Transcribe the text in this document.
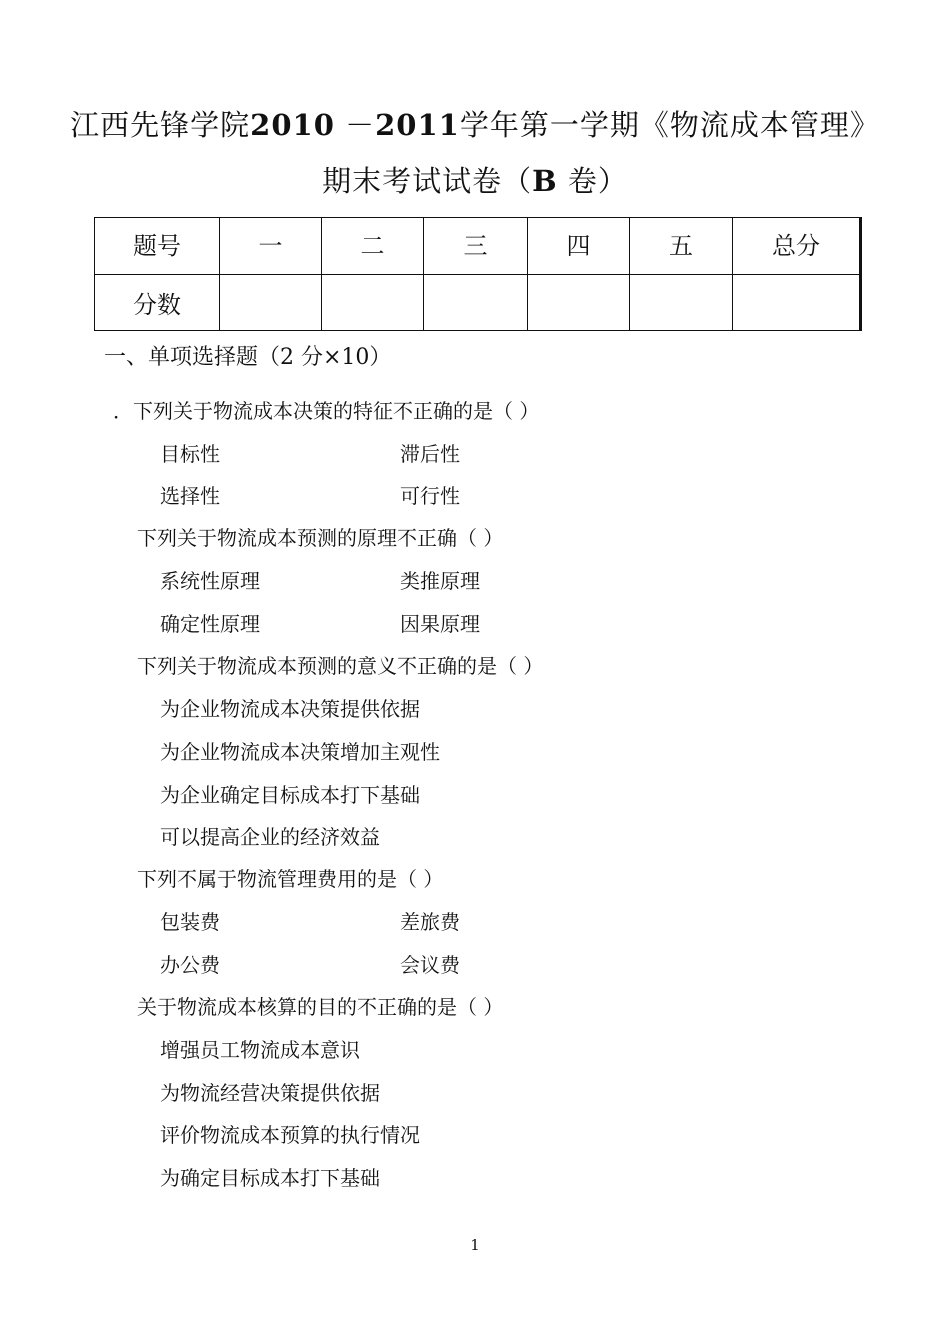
江西先锋学院2010 －2011学年第一学期《物流成本管理》
期末考试试卷（B 卷）
题号	一	二	三	四	五	总分
分数						
一、单项选择题（2 分×10）
．下列关于物流成本决策的特征不正确的是（ ）
目标性	滞后性
选择性	可行性
下列关于物流成本预测的原理不正确（ ）
系统性原理	类推原理
确定性原理	因果原理
下列关于物流成本预测的意义不正确的是（ ）
为企业物流成本决策提供依据
为企业物流成本决策增加主观性
为企业确定目标成本打下基础
可以提高企业的经济效益
下列不属于物流管理费用的是（ ）
包装费	差旅费
办公费	会议费
关于物流成本核算的目的不正确的是（ ）
增强员工物流成本意识
为物流经营决策提供依据
评价物流成本预算的执行情况
为确定目标成本打下基础
1
